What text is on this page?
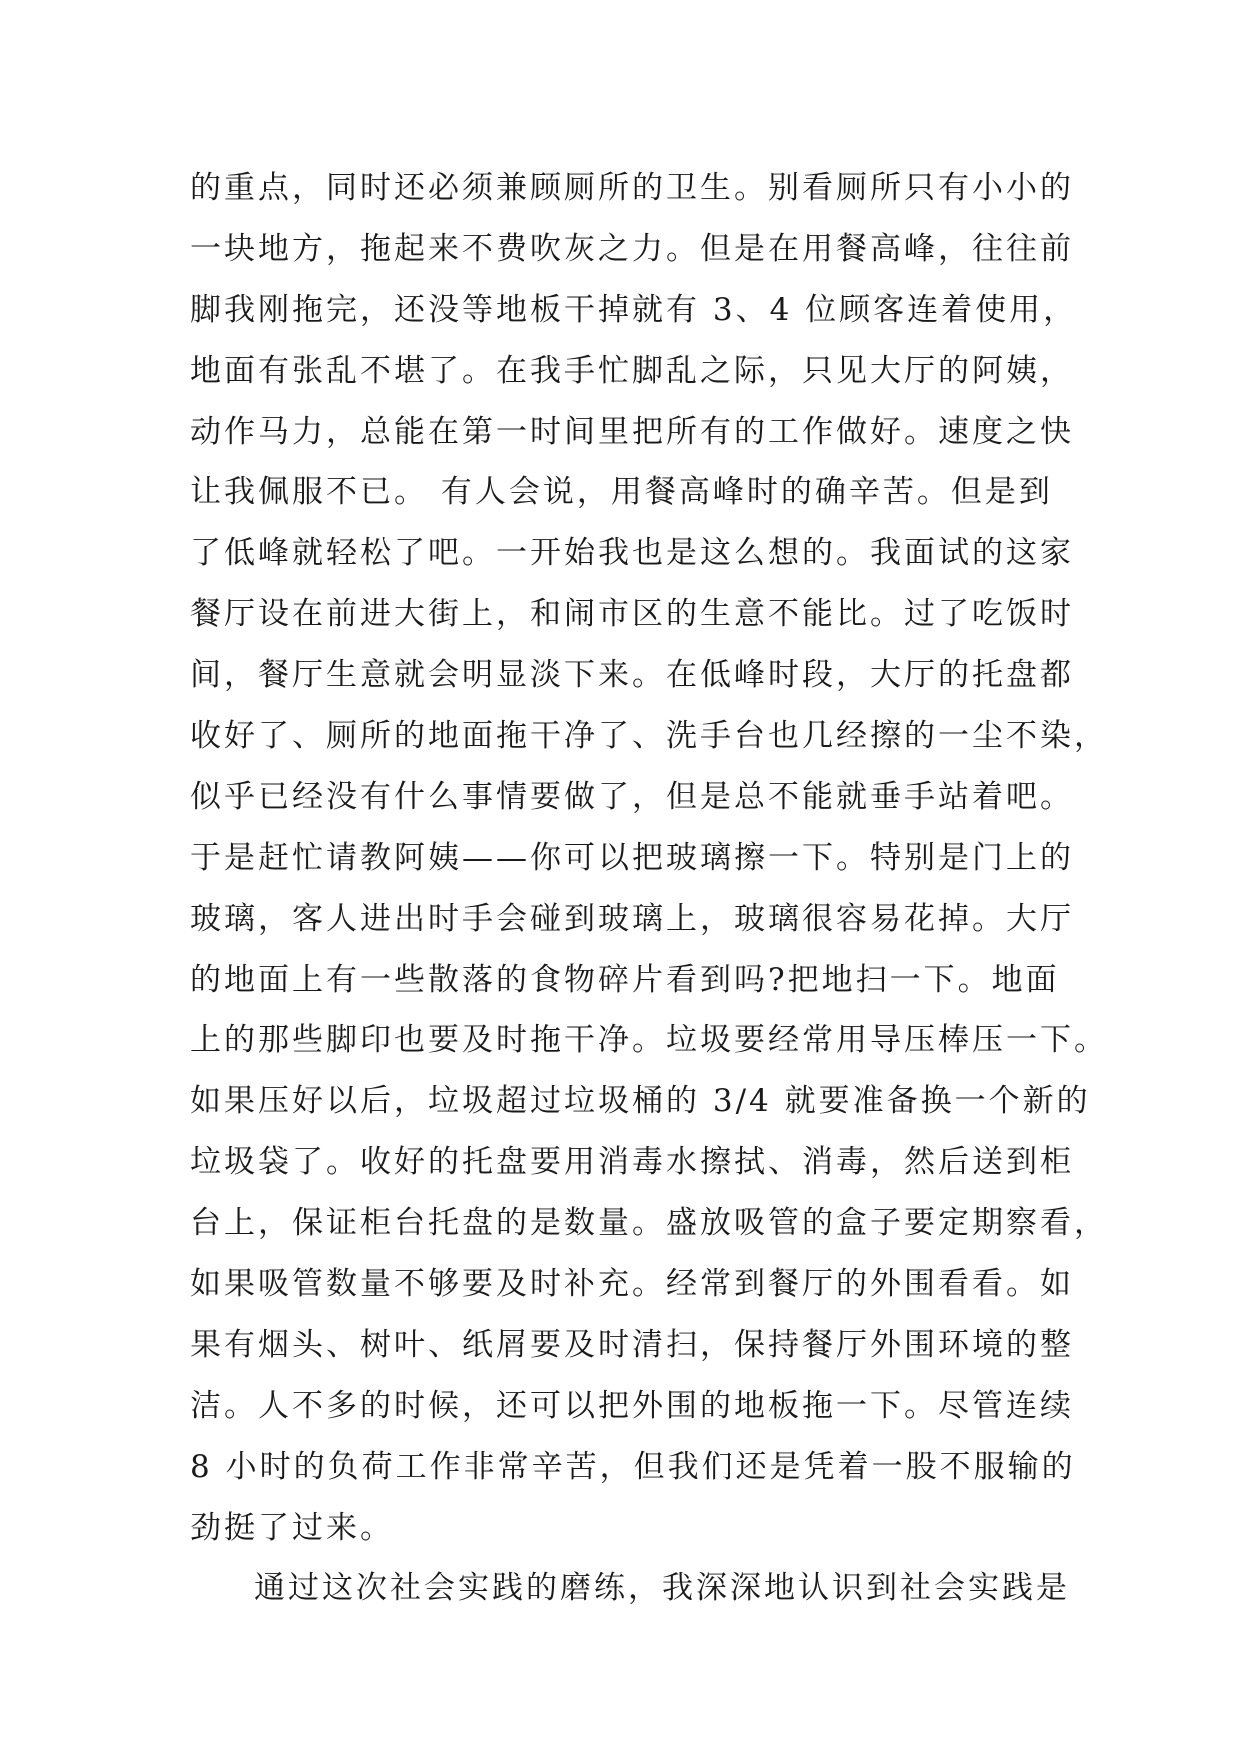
的重点，同时还必须兼顾厕所的卫生。别看厕所只有小小的
一块地方，拖起来不费吹灰之力。但是在用餐高峰，往往前
脚我刚拖完，还没等地板干掉就有 3、4 位顾客连着使用，
地面有张乱不堪了。在我手忙脚乱之际，只见大厅的阿姨，
动作马力，总能在第一时间里把所有的工作做好。速度之快
让我佩服不已。 有人会说，用餐高峰时的确辛苦。但是到
了低峰就轻松了吧。一开始我也是这么想的。我面试的这家
餐厅设在前进大街上，和闹市区的生意不能比。过了吃饭时
间，餐厅生意就会明显淡下来。在低峰时段，大厅的托盘都
收好了、厕所的地面拖干净了、洗手台也几经擦的一尘不染，
似乎已经没有什么事情要做了，但是总不能就垂手站着吧。
于是赶忙请教阿姨——你可以把玻璃擦一下。特别是门上的
玻璃，客人进出时手会碰到玻璃上，玻璃很容易花掉。大厅
的地面上有一些散落的食物碎片看到吗?把地扫一下。地面
上的那些脚印也要及时拖干净。垃圾要经常用导压棒压一下。
如果压好以后，垃圾超过垃圾桶的 3/4 就要准备换一个新的
垃圾袋了。收好的托盘要用消毒水擦拭、消毒，然后送到柜
台上，保证柜台托盘的是数量。盛放吸管的盒子要定期察看，
如果吸管数量不够要及时补充。经常到餐厅的外围看看。如
果有烟头、树叶、纸屑要及时清扫，保持餐厅外围环境的整
洁。人不多的时候，还可以把外围的地板拖一下。尽管连续
8 小时的负荷工作非常辛苦，但我们还是凭着一股不服输的
劲挺了过来。
通过这次社会实践的磨练，我深深地认识到社会实践是
